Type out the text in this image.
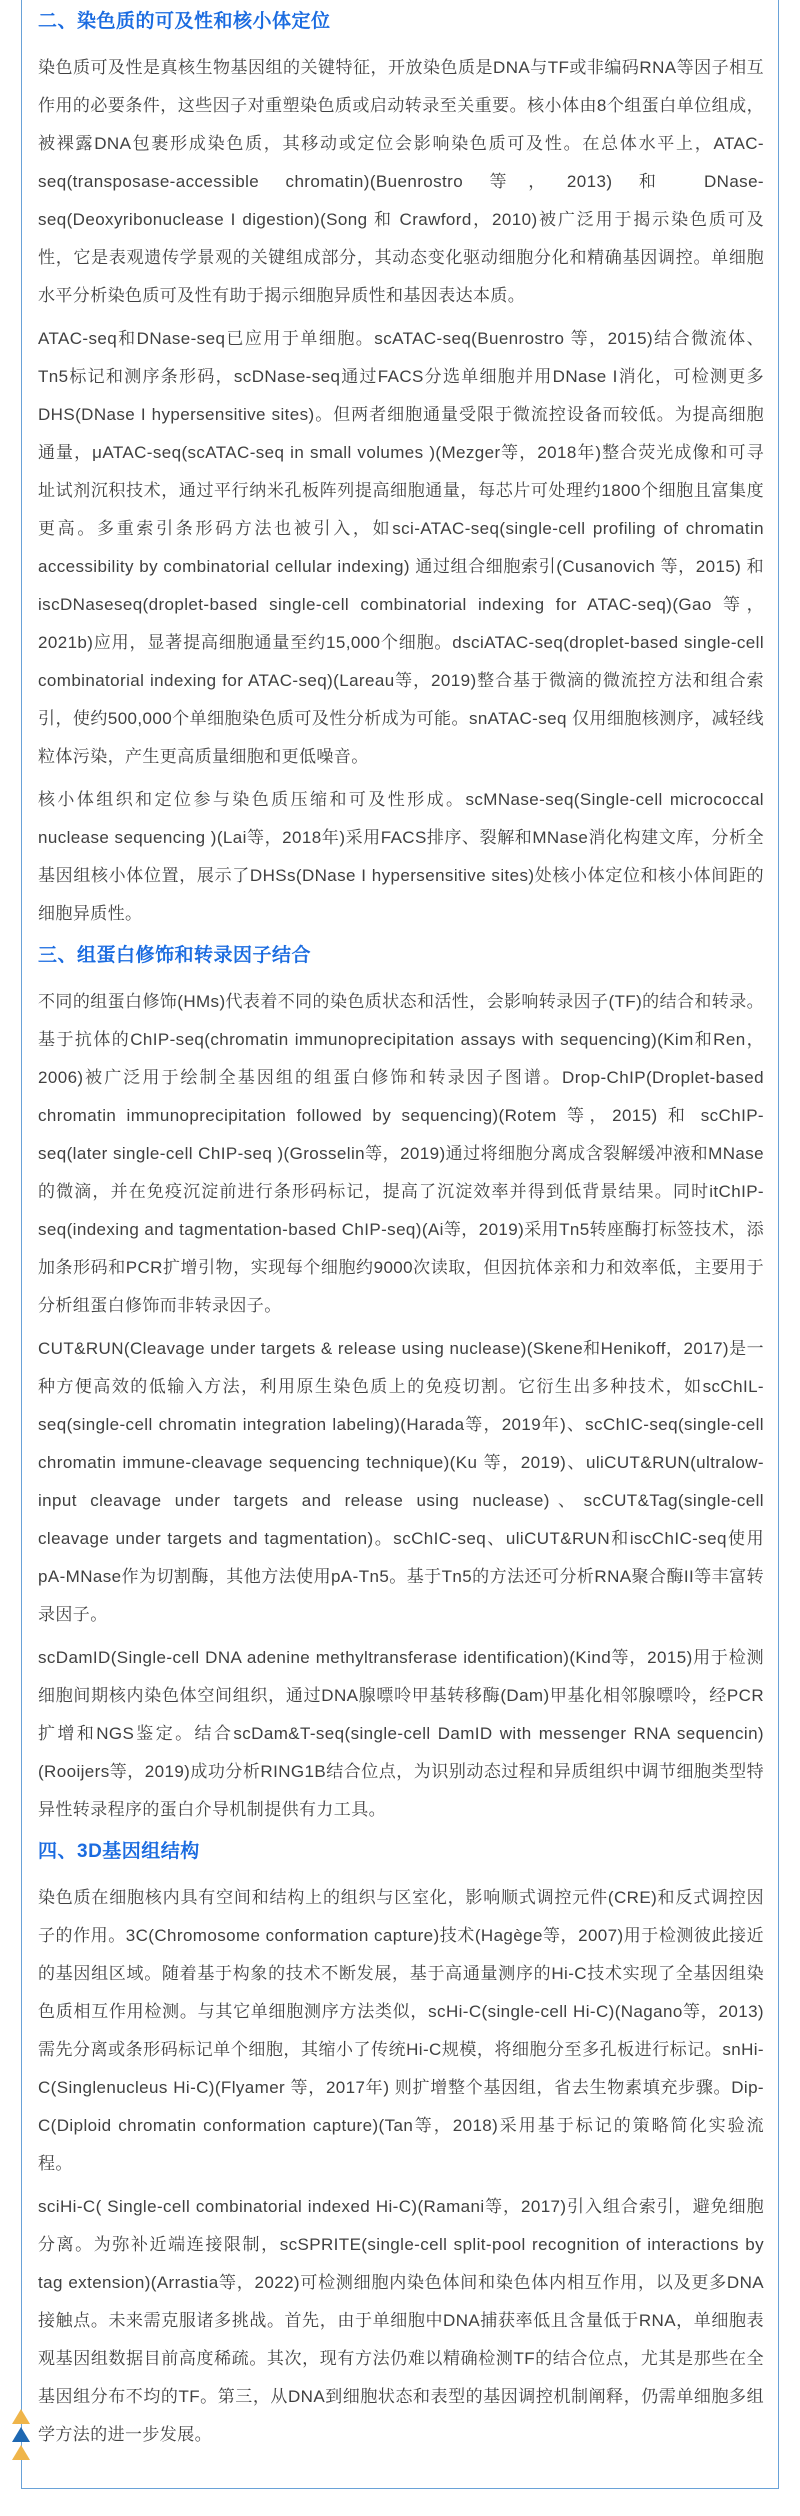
二、染色质的可及性和核小体定位

染色质可及性是真核生物基因组的关键特征，开放染色质是DNA与TF或非编码RNA等因子相互作用的必要条件，这些因子对重塑染色质或启动转录至关重要。核小体由8个组蛋白单位组成，被裸露DNA包裹形成染色质，其移动或定位会影响染色质可及性。在总体水平上，ATAC-seq(transposase-accessible chromatin)(Buenrostro 等，2013) 和 DNase-seq(Deoxyribonuclease I digestion)(Song 和 Crawford，2010)被广泛用于揭示染色质可及性，它是表观遗传学景观的关键组成部分，其动态变化驱动细胞分化和精确基因调控。单细胞水平分析染色质可及性有助于揭示细胞异质性和基因表达本质。

ATAC-seq和DNase-seq已应用于单细胞。scATAC-seq(Buenrostro 等，2015)结合微流体、Tn5标记和测序条形码，scDNase-seq通过FACS分选单细胞并用DNase I消化，可检测更多DHS(DNase I hypersensitive sites)。但两者细胞通量受限于微流控设备而较低。为提高细胞通量，μATAC-seq(scATAC-seq in small volumes )(Mezger等，2018年)整合荧光成像和可寻址试剂沉积技术，通过平行纳米孔板阵列提高细胞通量，每芯片可处理约1800个细胞且富集度更高。多重索引条形码方法也被引入，如sci-ATAC-seq(single-cell profiling of chromatin accessibility by combinatorial cellular indexing) 通过组合细胞索引(Cusanovich 等，2015) 和 iscDNaseseq(droplet-based single-cell combinatorial indexing for ATAC-seq)(Gao 等，2021b)应用，显著提高细胞通量至约15,000个细胞。dsciATAC-seq(droplet-based single-cell combinatorial indexing for ATAC-seq)(Lareau等，2019)整合基于微滴的微流控方法和组合索引，使约500,000个单细胞染色质可及性分析成为可能。snATAC-seq 仅用细胞核测序，减轻线粒体污染，产生更高质量细胞和更低噪音。

核小体组织和定位参与染色质压缩和可及性形成。scMNase-seq(Single-cell micrococcal nuclease sequencing )(Lai等，2018年)采用FACS排序、裂解和MNase消化构建文库，分析全基因组核小体位置，展示了DHSs(DNase I hypersensitive sites)处核小体定位和核小体间距的细胞异质性。

三、组蛋白修饰和转录因子结合

不同的组蛋白修饰(HMs)代表着不同的染色质状态和活性，会影响转录因子(TF)的结合和转录。基于抗体的ChIP-seq(chromatin immunoprecipitation assays with sequencing)(Kim和Ren，2006)被广泛用于绘制全基因组的组蛋白修饰和转录因子图谱。Drop-ChIP(Droplet-based chromatin immunoprecipitation followed by sequencing)(Rotem 等，2015) 和 scChIP-seq(later single-cell ChIP-seq )(Grosselin等，2019)通过将细胞分离成含裂解缓冲液和MNase的微滴，并在免疫沉淀前进行条形码标记，提高了沉淀效率并得到低背景结果。同时itChIP-seq(indexing and tagmentation-based ChIP-seq)(Ai等，2019)采用Tn5转座酶打标签技术，添加条形码和PCR扩增引物，实现每个细胞约9000次读取，但因抗体亲和力和效率低，主要用于分析组蛋白修饰而非转录因子。

CUT&RUN(Cleavage under targets & release using nuclease)(Skene和Henikoff，2017)是一种方便高效的低输入方法，利用原生染色质上的免疫切割。它衍生出多种技术，如scChIL-seq(single-cell chromatin integration labeling)(Harada等，2019年)、scChIC-seq(single-cell chromatin immune-cleavage sequencing technique)(Ku 等，2019)、uliCUT&RUN(ultralow-input cleavage under targets and release using nuclease)、scCUT&Tag(single-cell cleavage under targets and tagmentation)。scChIC-seq、uliCUT&RUN和iscChIC-seq使用pA-MNase作为切割酶，其他方法使用pA-Tn5。基于Tn5的方法还可分析RNA聚合酶II等丰富转录因子。

scDamID(Single-cell DNA adenine methyltransferase identification)(Kind等，2015)用于检测细胞间期核内染色体空间组织，通过DNA腺嘌呤甲基转移酶(Dam)甲基化相邻腺嘌呤，经PCR扩增和NGS鉴定。结合scDam&T-seq(single-cell DamID with messenger RNA sequencin)(Rooijers等，2019)成功分析RING1B结合位点，为识别动态过程和异质组织中调节细胞类型特异性转录程序的蛋白介导机制提供有力工具。

四、3D基因组结构

染色质在细胞核内具有空间和结构上的组织与区室化，影响顺式调控元件(CRE)和反式调控因子的作用。3C(Chromosome conformation capture)技术(Hagège等，2007)用于检测彼此接近的基因组区域。随着基于构象的技术不断发展，基于高通量测序的Hi-C技术实现了全基因组染色质相互作用检测。与其它单细胞测序方法类似，scHi-C(single-cell Hi-C)(Nagano等，2013)需先分离或条形码标记单个细胞，其缩小了传统Hi-C规模，将细胞分至多孔板进行标记。snHi-C(Singlenucleus Hi-C)(Flyamer 等，2017年) 则扩增整个基因组，省去生物素填充步骤。Dip-C(Diploid chromatin conformation capture)(Tan等，2018)采用基于标记的策略简化实验流程。

sciHi-C( Single-cell combinatorial indexed Hi-C)(Ramani等，2017)引入组合索引，避免细胞分离。为弥补近端连接限制，scSPRITE(single-cell split-pool recognition of interactions by tag extension)(Arrastia等，2022)可检测细胞内染色体间和染色体内相互作用，以及更多DNA接触点。未来需克服诸多挑战。首先，由于单细胞中DNA捕获率低且含量低于RNA，单细胞表观基因组数据目前高度稀疏。其次，现有方法仍难以精确检测TF的结合位点，尤其是那些在全基因组分布不均的TF。第三，从DNA到细胞状态和表型的基因调控机制阐释，仍需单细胞多组学方法的进一步发展。
